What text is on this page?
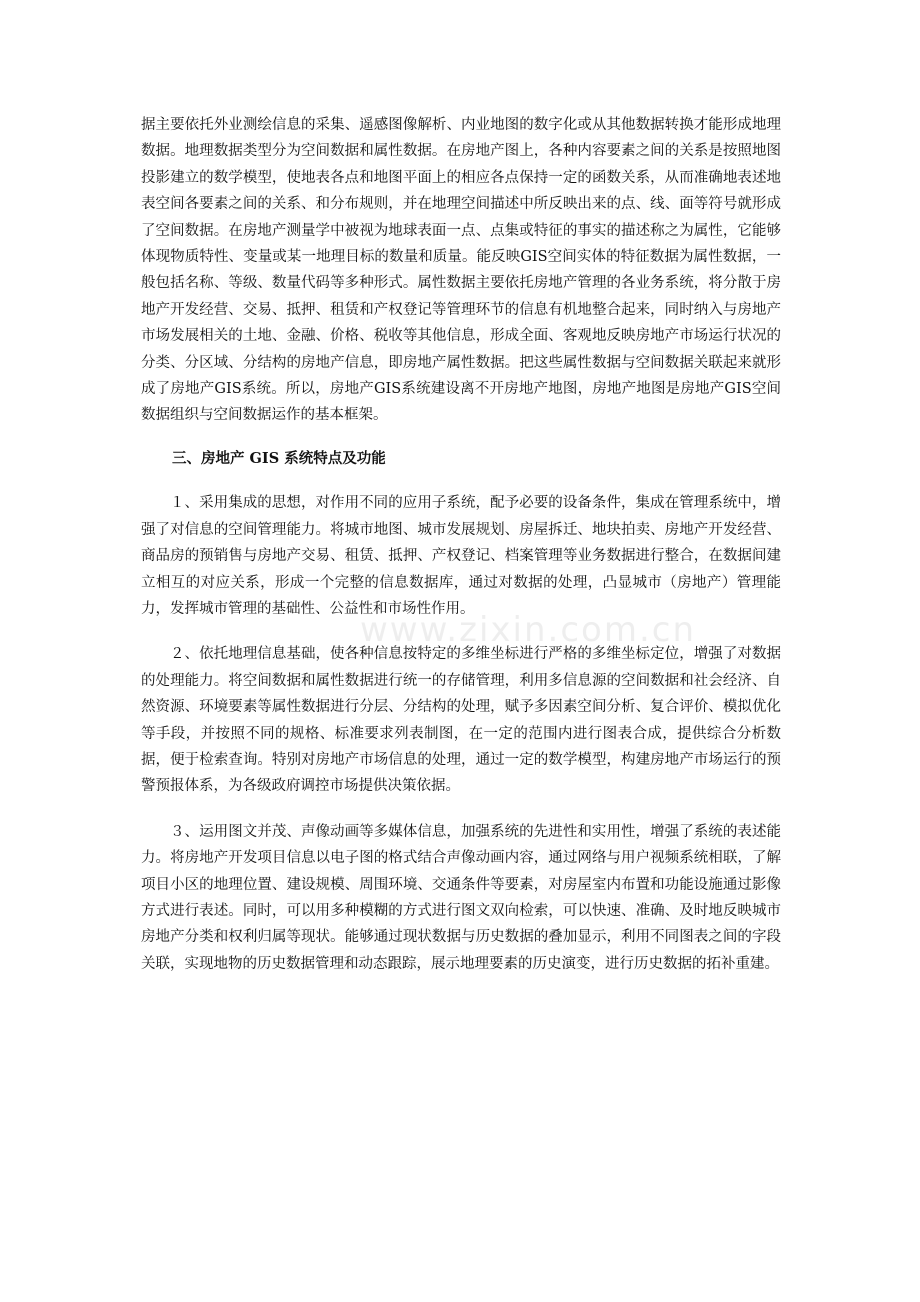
据主要依托外业测绘信息的采集、遥感图像解析、内业地图的数字化或从其他数据转换才能形成地理数据。地理数据类型分为空间数据和属性数据。在房地产图上，各种内容要素之间的关系是按照地图投影建立的数学模型，使地表各点和地图平面上的相应各点保持一定的函数关系，从而准确地表述地表空间各要素之间的关系、和分布规则，并在地理空间描述中所反映出来的点、线、面等符号就形成了空间数据。在房地产测量学中被视为地球表面一点、点集或特征的事实的描述称之为属性，它能够体现物质特性、变量或某一地理目标的数量和质量。能反映GIS空间实体的特征数据为属性数据，一般包括名称、等级、数量代码等多种形式。属性数据主要依托房地产管理的各业务系统，将分散于房地产开发经营、交易、抵押、租赁和产权登记等管理环节的信息有机地整合起来，同时纳入与房地产市场发展相关的土地、金融、价格、税收等其他信息，形成全面、客观地反映房地产市场运行状况的分类、分区域、分结构的房地产信息，即房地产属性数据。把这些属性数据与空间数据关联起来就形成了房地产GIS系统。所以，房地产GIS系统建设离不开房地产地图，房地产地图是房地产GIS空间数据组织与空间数据运作的基本框架。

三、房地产 GIS 系统特点及功能

１、采用集成的思想，对作用不同的应用子系统，配予必要的设备条件，集成在管理系统中，增强了对信息的空间管理能力。将城市地图、城市发展规划、房屋拆迁、地块拍卖、房地产开发经营、商品房的预销售与房地产交易、租赁、抵押、产权登记、档案管理等业务数据进行整合，在数据间建立相互的对应关系，形成一个完整的信息数据库，通过对数据的处理，凸显城市（房地产）管理能力，发挥城市管理的基础性、公益性和市场性作用。

２、依托地理信息基础，使各种信息按特定的多维坐标进行严格的多维坐标定位，增强了对数据的处理能力。将空间数据和属性数据进行统一的存储管理，利用多信息源的空间数据和社会经济、自然资源、环境要素等属性数据进行分层、分结构的处理，赋予多因素空间分析、复合评价、模拟优化等手段，并按照不同的规格、标准要求列表制图，在一定的范围内进行图表合成，提供综合分析数据，便于检索查询。特别对房地产市场信息的处理，通过一定的数学模型，构建房地产市场运行的预警预报体系，为各级政府调控市场提供决策依据。

３、运用图文并茂、声像动画等多媒体信息，加强系统的先进性和实用性，增强了系统的表述能力。将房地产开发项目信息以电子图的格式结合声像动画内容，通过网络与用户视频系统相联，了解项目小区的地理位置、建设规模、周围环境、交通条件等要素，对房屋室内布置和功能设施通过影像方式进行表述。同时，可以用多种模糊的方式进行图文双向检索，可以快速、准确、及时地反映城市房地产分类和权利归属等现状。能够通过现状数据与历史数据的叠加显示，利用不同图表之间的字段关联，实现地物的历史数据管理和动态跟踪，展示地理要素的历史演变，进行历史数据的拓补重建。

www.zixin.com.cn
